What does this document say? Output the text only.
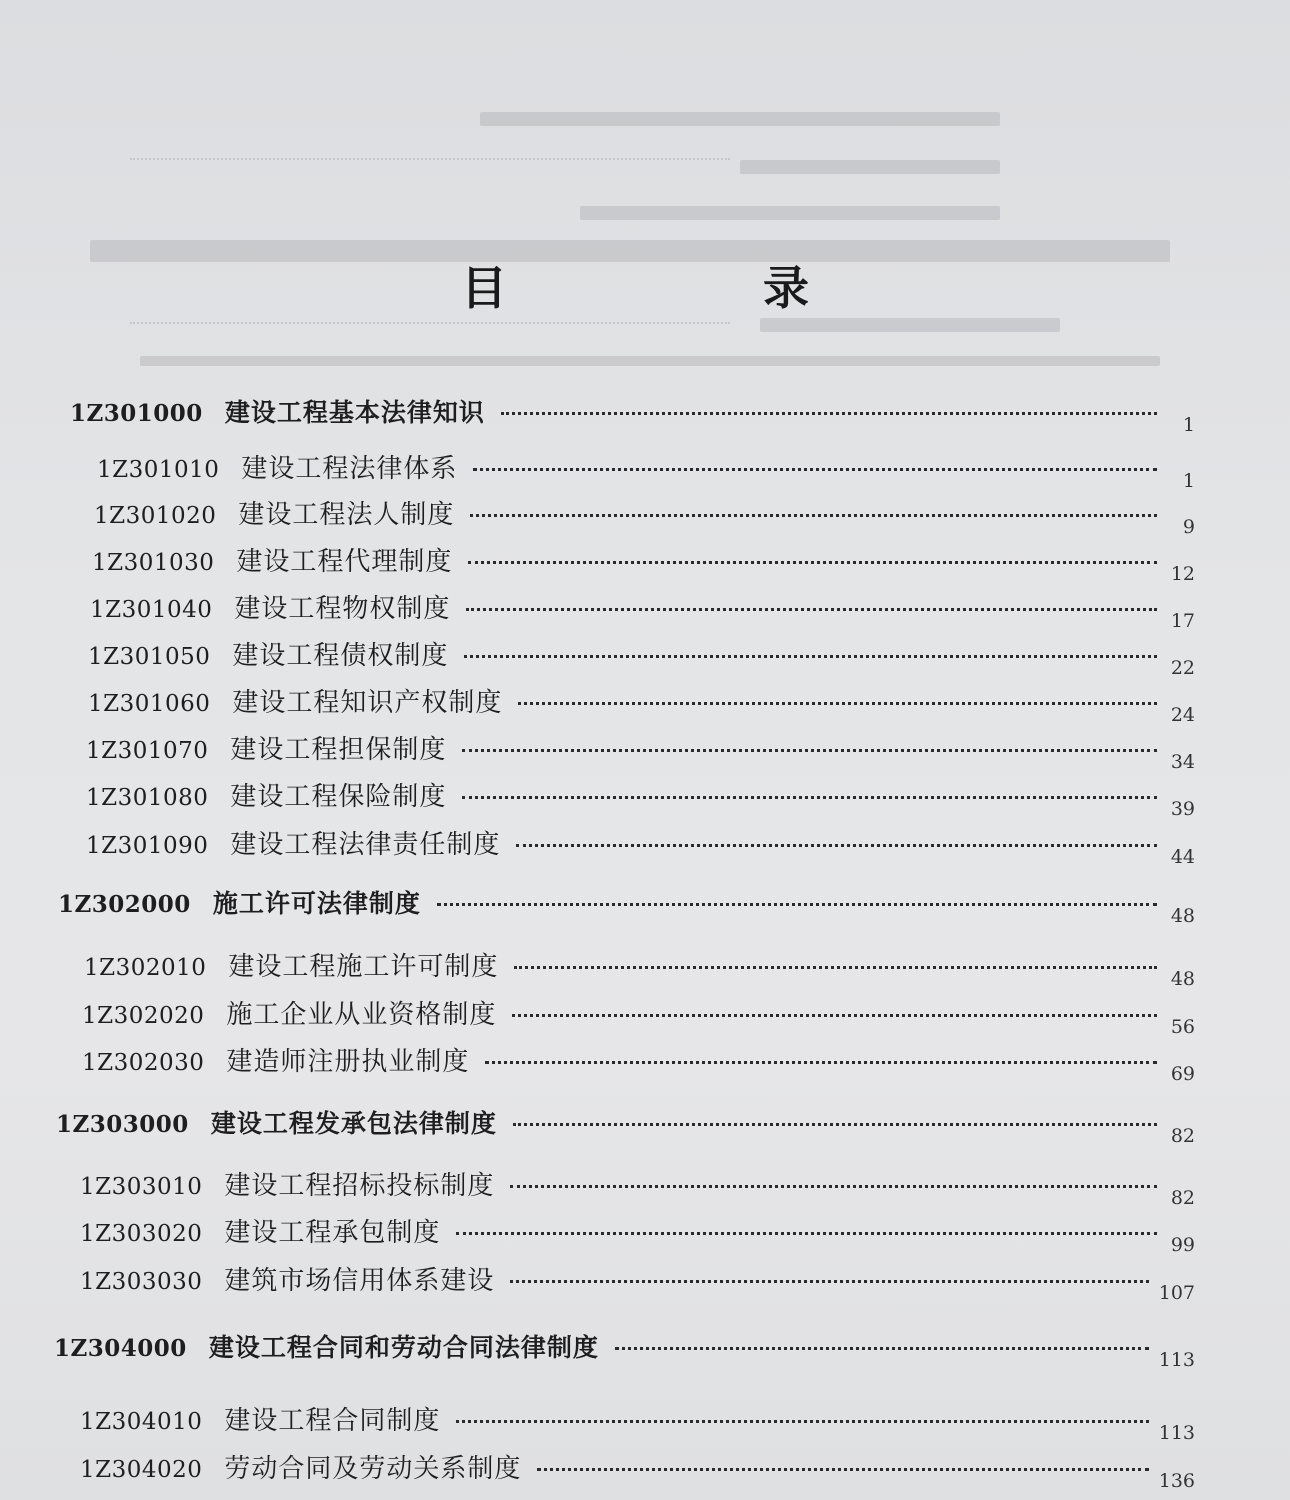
目 录
1Z301000 建设工程基本法律知识	1
1Z301010 建设工程法律体系	1
1Z301020 建设工程法人制度	9
1Z301030 建设工程代理制度	12
1Z301040 建设工程物权制度	17
1Z301050 建设工程债权制度	22
1Z301060 建设工程知识产权制度	24
1Z301070 建设工程担保制度	34
1Z301080 建设工程保险制度	39
1Z301090 建设工程法律责任制度	44
1Z302000 施工许可法律制度	48
1Z302010 建设工程施工许可制度	48
1Z302020 施工企业从业资格制度	56
1Z302030 建造师注册执业制度	69
1Z303000 建设工程发承包法律制度	82
1Z303010 建设工程招标投标制度	82
1Z303020 建设工程承包制度	99
1Z303030 建筑市场信用体系建设	107
1Z304000 建设工程合同和劳动合同法律制度	113
1Z304010 建设工程合同制度	113
1Z304020 劳动合同及劳动关系制度	136
